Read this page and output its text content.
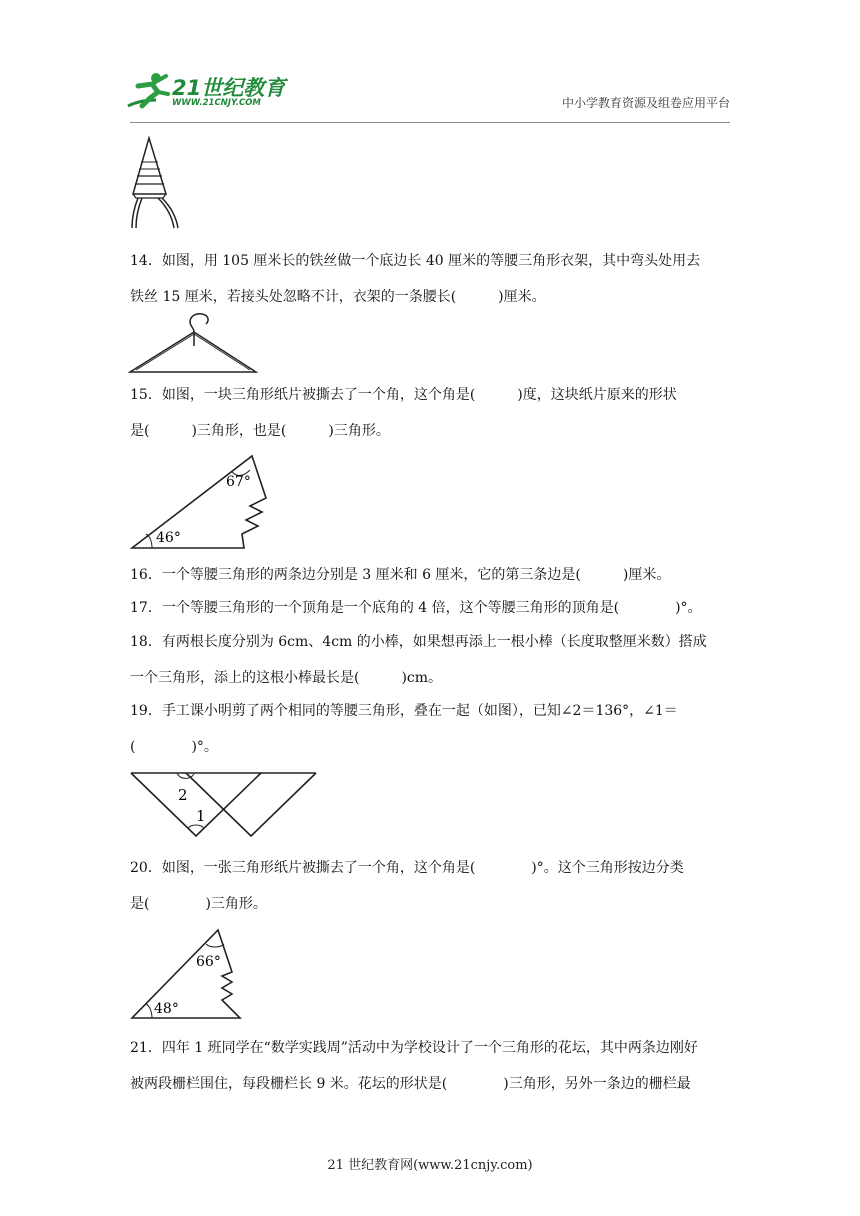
21世纪教育
WWW.21CNJY.COM	中小学教育资源及组卷应用平台
14．如图，用 105 厘米长的铁丝做一个底边长 40 厘米的等腰三角形衣架，其中弯头处用去
铁丝 15 厘米，若接头处忽略不计，衣架的一条腰长(　　　)厘米。
15．如图，一块三角形纸片被撕去了一个角，这个角是(　　　)度，这块纸片原来的形状
是(　　　)三角形，也是(　　　)三角形。
67°
46°
16．一个等腰三角形的两条边分别是 3 厘米和 6 厘米，它的第三条边是(　　　)厘米。
17．一个等腰三角形的一个顶角是一个底角的 4 倍，这个等腰三角形的顶角是(　　　　)°。
18．有两根长度分别为 6cm、4cm 的小棒，如果想再添上一根小棒（长度取整厘米数）搭成
一个三角形，添上的这根小棒最长是(　　　)cm。
19．手工课小明剪了两个相同的等腰三角形，叠在一起（如图），已知∠2＝136°，∠1＝
(　　　　)°。
2
1
20．如图，一张三角形纸片被撕去了一个角，这个角是(　　　　)°。这个三角形按边分类
是(　　　　)三角形。
66°
48°
21．四年 1 班同学在“数学实践周”活动中为学校设计了一个三角形的花坛，其中两条边刚好
被两段栅栏围住，每段栅栏长 9 米。花坛的形状是(　　　　)三角形，另外一条边的栅栏最
21 世纪教育网(www.21cnjy.com)
